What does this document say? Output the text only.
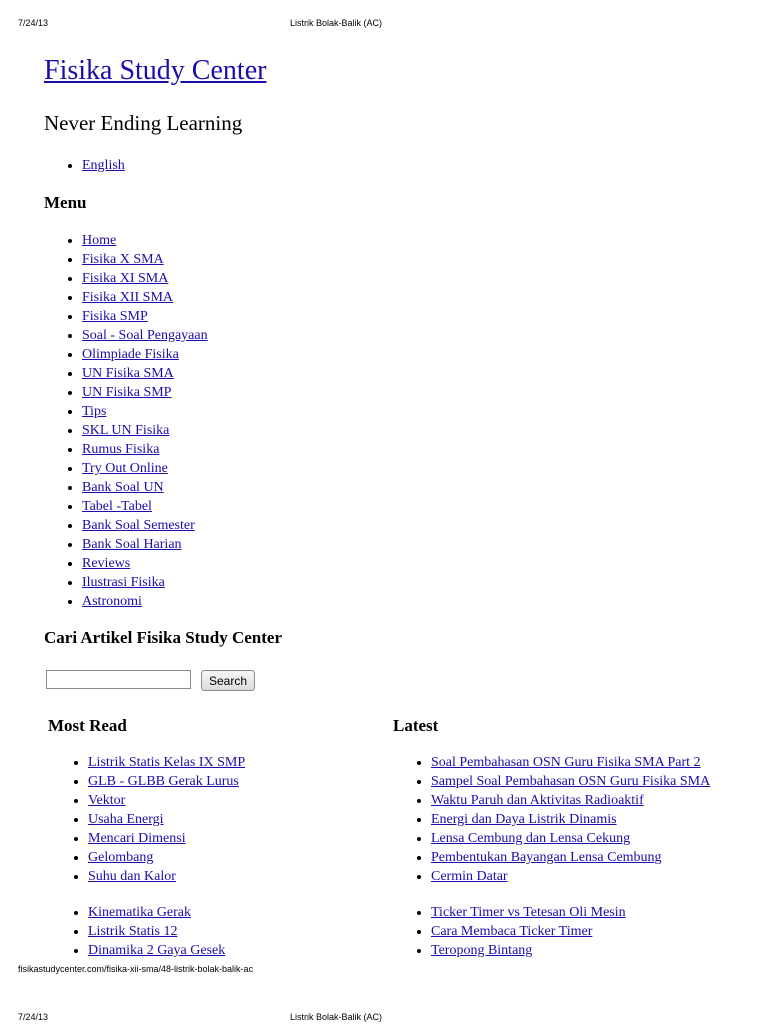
7/24/13	Listrik Bolak-Balik (AC)
Fisika Study Center
Never Ending Learning
• English
Menu
• Home
• Fisika X SMA
• Fisika XI SMA
• Fisika XII SMA
• Fisika SMP
• Soal - Soal Pengayaan
• Olimpiade Fisika
• UN Fisika SMA
• UN Fisika SMP
• Tips
• SKL UN Fisika
• Rumus Fisika
• Try Out Online
• Bank Soal UN
• Tabel -Tabel
• Bank Soal Semester
• Bank Soal Harian
• Reviews
• Ilustrasi Fisika
• Astronomi
Cari Artikel Fisika Study Center
Search
Most Read
• Listrik Statis Kelas IX SMP
• GLB - GLBB Gerak Lurus
• Vektor
• Usaha Energi
• Mencari Dimensi
• Gelombang
• Suhu dan Kalor
• Kinematika Gerak
• Listrik Statis 12
• Dinamika 2 Gaya Gesek
Latest
• Soal Pembahasan OSN Guru Fisika SMA Part 2
• Sampel Soal Pembahasan OSN Guru Fisika SMA
• Waktu Paruh dan Aktivitas Radioaktif
• Energi dan Daya Listrik Dinamis
• Lensa Cembung dan Lensa Cekung
• Pembentukan Bayangan Lensa Cembung
• Cermin Datar
• Ticker Timer vs Tetesan Oli Mesin
• Cara Membaca Ticker Timer
• Teropong Bintang
fisikastudycenter.com/fisika-xii-sma/48-listrik-bolak-balik-ac
7/24/13	Listrik Bolak-Balik (AC)
